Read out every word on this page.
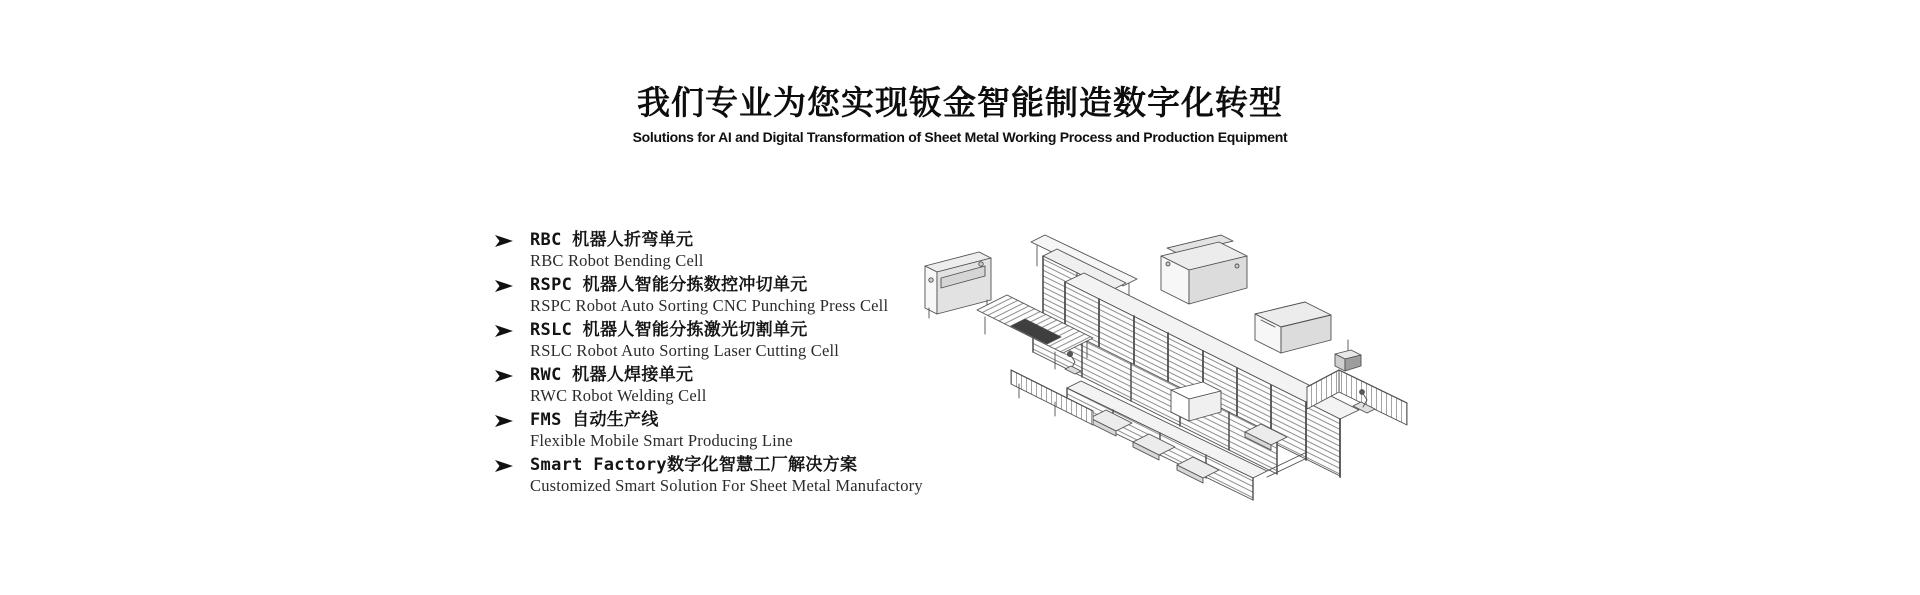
我们专业为您实现钣金智能制造数字化转型

Solutions for AI and Digital Transformation of Sheet Metal Working Process and Production Equipment

RBC 机器人折弯单元
RBC Robot Bending Cell
RSPC 机器人智能分拣数控冲切单元
RSPC Robot Auto Sorting CNC Punching Press Cell
RSLC 机器人智能分拣激光切割单元
RSLC Robot Auto Sorting Laser Cutting Cell
RWC 机器人焊接单元
RWC Robot Welding Cell
FMS 自动生产线
Flexible Mobile Smart Producing Line
Smart Factory数字化智慧工厂解决方案
Customized Smart Solution For Sheet Metal Manufactory
